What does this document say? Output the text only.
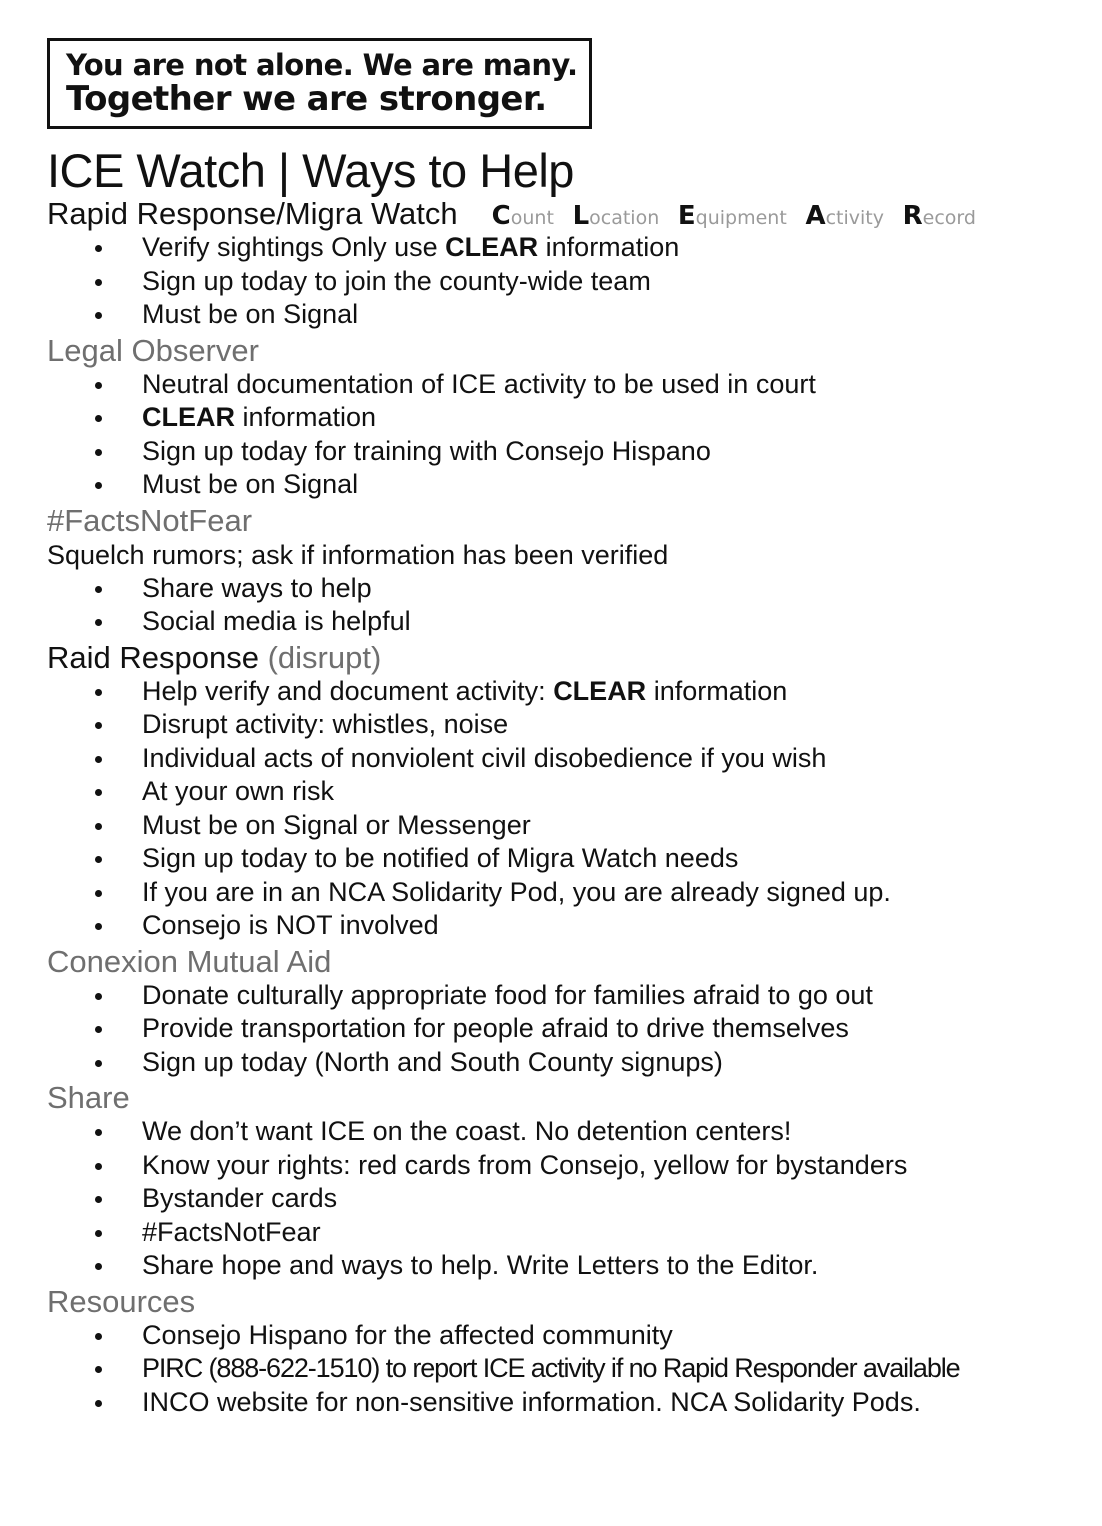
You are not alone. We are many.
Together we are stronger.
ICE Watch | Ways to Help
Rapid Response/Migra Watch Count Location Equipment Activity Record
Verify sightings Only use CLEAR information
Sign up today to join the county-wide team
Must be on Signal
Legal Observer
Neutral documentation of ICE activity to be used in court
CLEAR information
Sign up today for training with Consejo Hispano
Must be on Signal
#FactsNotFear

Squelch rumors; ask if information has been verified

Share ways to help
Social media is helpful
Raid Response (disrupt)
Help verify and document activity: CLEAR information
Disrupt activity: whistles, noise
Individual acts of nonviolent civil disobedience if you wish
At your own risk
Must be on Signal or Messenger
Sign up today to be notified of Migra Watch needs
If you are in an NCA Solidarity Pod, you are already signed up.
Consejo is NOT involved
Conexion Mutual Aid
Donate culturally appropriate food for families afraid to go out
Provide transportation for people afraid to drive themselves
Sign up today (North and South County signups)
Share
We don’t want ICE on the coast. No detention centers!
Know your rights: red cards from Consejo, yellow for bystanders
Bystander cards
#FactsNotFear
Share hope and ways to help. Write Letters to the Editor.
Resources
Consejo Hispano for the affected community
PIRC (888-622-1510) to report ICE activity if no Rapid Responder available
INCO website for non-sensitive information. NCA Solidarity Pods.
